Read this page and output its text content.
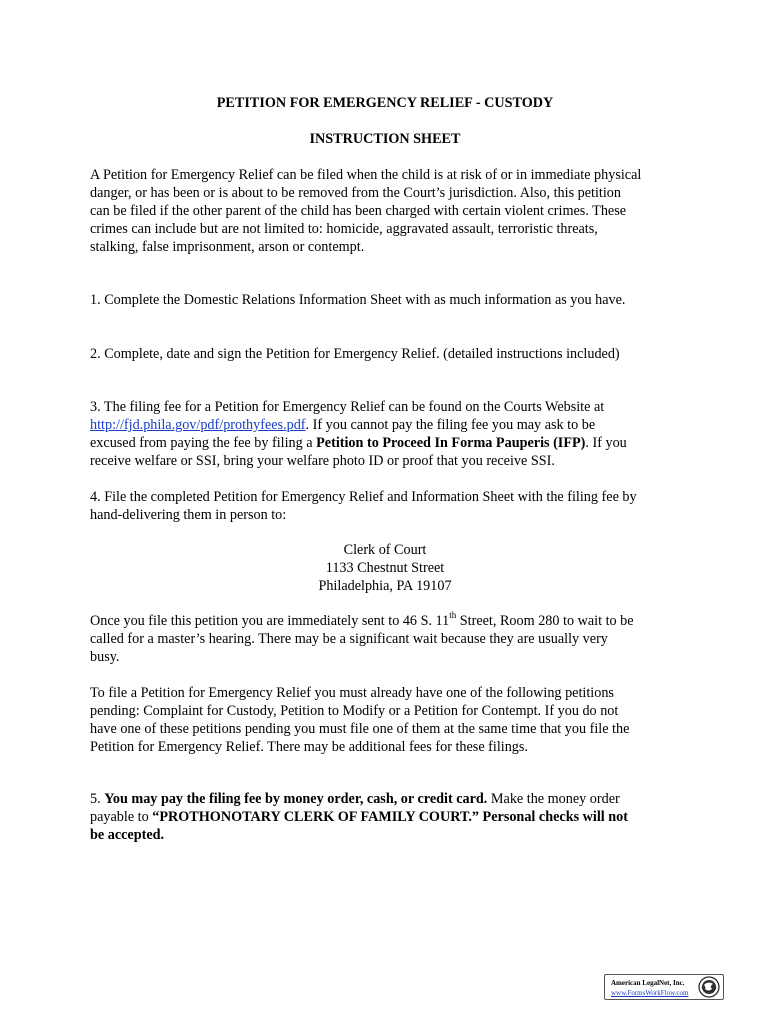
PETITION FOR EMERGENCY RELIEF - CUSTODY
INSTRUCTION SHEET
A Petition for Emergency Relief can be filed when the child is at risk of or in immediate physical
danger, or has been or is about to be removed from the Court’s jurisdiction. Also, this petition
can be filed if the other parent of the child has been charged with certain violent crimes. These
crimes can include but are not limited to: homicide, aggravated assault, terroristic threats,
stalking, false imprisonment, arson or contempt.
1. Complete the Domestic Relations Information Sheet with as much information as you have.
2. Complete, date and sign the Petition for Emergency Relief. (detailed instructions included)
3. The filing fee for a Petition for Emergency Relief can be found on the Courts Website at
http://fjd.phila.gov/pdf/prothyfees.pdf. If you cannot pay the filing fee you may ask to be
excused from paying the fee by filing a Petition to Proceed In Forma Pauperis (IFP). If you
receive welfare or SSI, bring your welfare photo ID or proof that you receive SSI.
4. File the completed Petition for Emergency Relief and Information Sheet with the filing fee by
hand-delivering them in person to:
Clerk of Court
1133 Chestnut Street
Philadelphia, PA 19107
Once you file this petition you are immediately sent to 46 S. 11th Street, Room 280 to wait to be
called for a master’s hearing. There may be a significant wait because they are usually very
busy.
To file a Petition for Emergency Relief you must already have one of the following petitions
pending: Complaint for Custody, Petition to Modify or a Petition for Contempt. If you do not
have one of these petitions pending you must file one of them at the same time that you file the
Petition for Emergency Relief. There may be additional fees for these filings.
5. You may pay the filing fee by money order, cash, or credit card. Make the money order
payable to “PROTHONOTARY CLERK OF FAMILY COURT.” Personal checks will not
be accepted.
American LegalNet, Inc.
www.FormsWorkFlow.com
